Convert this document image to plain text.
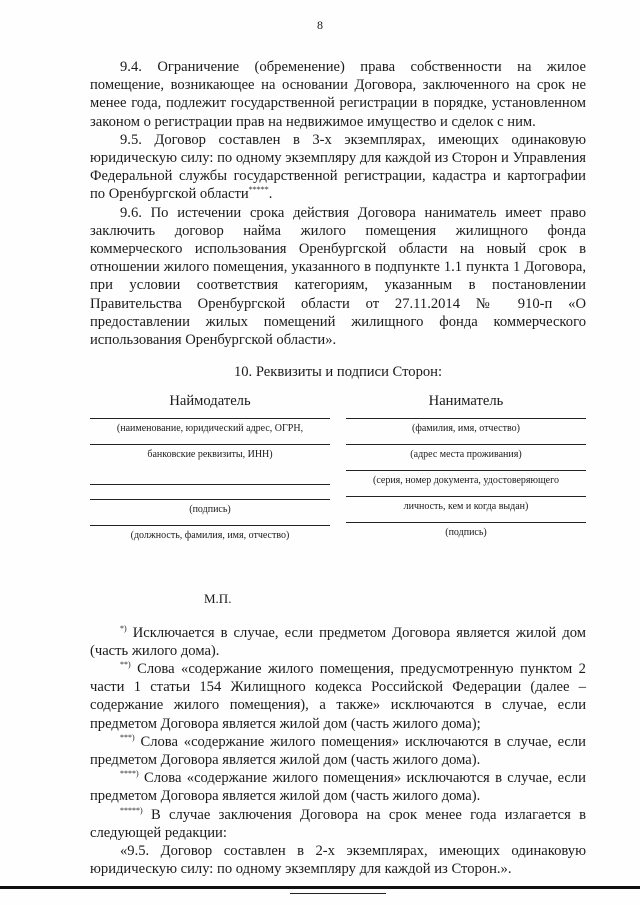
8

9.4. Ограничение (обременение) права собственности на жилое помещение, возникающее на основании Договора, заключенного на срок не менее года, подлежит государственной регистрации в порядке, установленном законом о регистрации прав на недвижимое имущество и сделок с ним.

9.5. Договор составлен в 3-х экземплярах, имеющих одинаковую юридическую силу: по одному экземпляру для каждой из Сторон и Управления Федеральной службы государственной регистрации, кадастра и картографии по Оренбургской области*****.

9.6. По истечении срока действия Договора наниматель имеет право заключить договор найма жилого помещения жилищного фонда коммерческого использования Оренбургской области на новый срок в отношении жилого помещения, указанного в подпункте 1.1 пункта 1 Договора, при условии соответствия категориям, указанным в постановлении Правительства Оренбургской области от 27.11.2014 № 910-п «О предоставлении жилых помещений жилищного фонда коммерческого использования Оренбургской области».

10. Реквизиты и подписи Сторон:

Наймодатель
(наименование, юридический адрес, ОГРН,
банковские реквизиты, ИНН)
(подпись)
(должность, фамилия, имя, отчество)
Наниматель
(фамилия, имя, отчество)
(адрес места проживания)
(серия, номер документа, удостоверяющего
личность, кем и когда выдан)
(подпись)
М.П.

*) Исключается в случае, если предметом Договора является жилой дом (часть жилого дома).

**) Слова «содержание жилого помещения, предусмотренную пунктом 2 части 1 статьи 154 Жилищного кодекса Российской Федерации (далее – содержание жилого помещения), а также» исключаются в случае, если предметом Договора является жилой дом (часть жилого дома);

***) Слова «содержание жилого помещения» исключаются в случае, если предметом Договора является жилой дом (часть жилого дома).

****) Слова «содержание жилого помещения» исключаются в случае, если предметом Договора является жилой дом (часть жилого дома).

*****) В случае заключения Договора на срок менее года излагается в следующей редакции:

«9.5. Договор составлен в 2-х экземплярах, имеющих одинаковую юридическую силу: по одному экземпляру для каждой из Сторон.».
